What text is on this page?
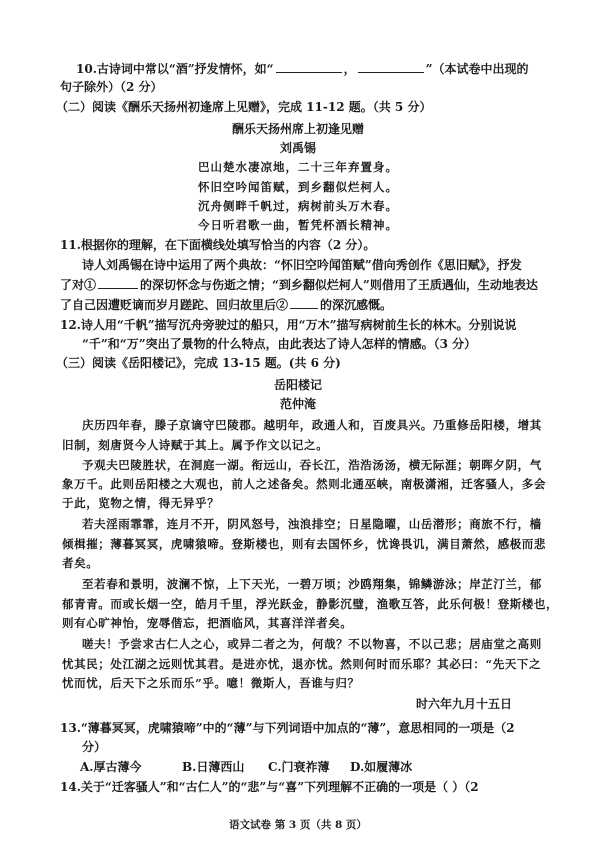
10.古诗词中常以“酒”抒发情怀，如“	，	”（本试卷中出现的
句子除外）（2 分）
（二）阅读《酬乐天扬州初逢席上见赠》，完成 11-12 题。（共 5 分）
酬乐天扬州席上初逢见赠
刘禹锡
巴山楚水凄凉地，二十三年弃置身。
怀旧空吟闻笛赋，到乡翻似烂柯人。
沉舟侧畔千帆过，病树前头万木春。
今日听君歌一曲，暂凭杯酒长精神。
11.根据你的理解，在下面横线处填写恰当的内容（2 分）。
诗人刘禹锡在诗中运用了两个典故：“怀旧空吟闻笛赋”借向秀创作《思旧赋》，抒发
了对①	的深切怀念与伤逝之情；“到乡翻似烂柯人”则借用了王质遇仙，生动地表达
了自己因遭贬谪而岁月蹉跎、回归故里后②	的深沉感慨。
12.诗人用“千帆”描写沉舟旁驶过的船只，用“万木”描写病树前生长的林木。分别说说
“千”和“万”突出了景物的什么特点，由此表达了诗人怎样的情感。（3 分）
（三）阅读《岳阳楼记》，完成 13-15 题。(共 6 分)
岳阳楼记
范仲淹
庆历四年春，滕子京谪守巴陵郡。越明年，政通人和，百废具兴。乃重修岳阳楼，增其
旧制，刻唐贤今人诗赋于其上。属予作文以记之。
予观夫巴陵胜状，在洞庭一湖。衔远山，吞长江，浩浩汤汤，横无际涯；朝晖夕阴，气
象万千。此则岳阳楼之大观也，前人之述备矣。然则北通巫峡，南极潇湘，迁客骚人，多会
于此，览物之情，得无异乎？
若夫淫雨霏霏，连月不开，阴风怒号，浊浪排空；日星隐曜，山岳潜形；商旅不行，樯
倾楫摧；薄暮冥冥，虎啸猿啼。登斯楼也，则有去国怀乡，忧谗畏讥，满目萧然，感极而悲
者矣。
至若春和景明，波澜不惊，上下天光，一碧万顷；沙鸥翔集，锦鳞游泳；岸芷汀兰，郁
郁青青。而或长烟一空，皓月千里，浮光跃金，静影沉璧，渔歌互答，此乐何极！登斯楼也，
则有心旷神怡，宠辱偕忘，把酒临风，其喜洋洋者矣。
嗟夫！予尝求古仁人之心，或异二者之为，何哉？不以物喜，不以己悲；居庙堂之高则
忧其民；处江湖之远则忧其君。是进亦忧，退亦忧。然则何时而乐耶？其必曰：“先天下之
忧而忧，后天下之乐而乐”乎。噫！微斯人，吾谁与归？
时六年九月十五日
13.“薄暮冥冥，虎啸猿啼”中的“薄”与下列词语中加点的“薄”，意思相同的一项是（2
分）
A.厚古薄今	B.日薄西山 C.门衰祚薄 D.如履薄冰
14.关于“迁客骚人”和“古仁人”的“悲”与“喜”下列理解不正确的一项是（ ）（2
语文试卷 第 3 页（共 8 页）
